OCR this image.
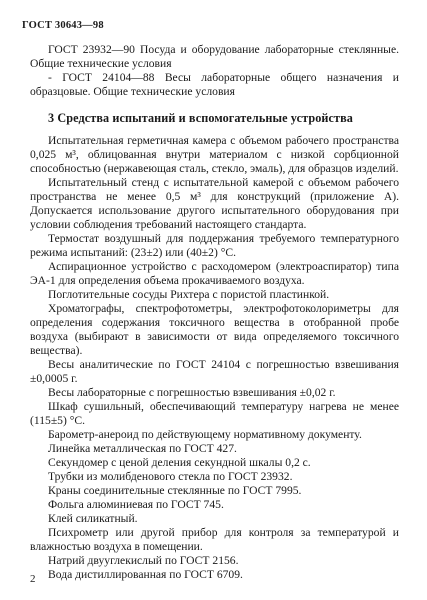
ГОСТ 30643—98

ГОСТ 23932—90 Посуда и оборудование лабораторные стеклянные. Общие технические условия

- ГОСТ 24104—88 Весы лабораторные общего назначения и образцовые. Общие технические условия

3 Средства испытаний и вспомогательные устройства

Испытательная герметичная камера с объемом рабочего пространства 0,025 м³, облицованная внутри материалом с низкой сорбционной способностью (нержавеющая сталь, стекло, эмаль), для образцов изделий.

Испытательный стенд с испытательной камерой с объемом рабочего пространства не менее 0,5 м³ для конструкций (приложение А). Допускается использование другого испытательного оборудования при условии соблюдения требований настоящего стандарта.

Термостат воздушный для поддержания требуемого температурного режима испытаний: (23±2) или (40±2) °С.

Аспирационное устройство с расходомером (электроаспиратор) типа ЭА-1 для определения объема прокачиваемого воздуха.

Поглотительные сосуды Рихтера с пористой пластинкой.

Хроматографы, спектрофотометры, электрофотоколориметры для определения содержания токсичного вещества в отобранной пробе воздуха (выбирают в зависимости от вида определяемого токсичного вещества).

Весы аналитические по ГОСТ 24104 с погрешностью взвешивания ±0,0005 г.

Весы лабораторные с погрешностью взвешивания ±0,02 г.

Шкаф сушильный, обеспечивающий температуру нагрева не менее (115±5) °С.

Барометр-анероид по действующему нормативному документу.

Линейка металлическая по ГОСТ 427.

Секундомер с ценой деления секундной шкалы 0,2 с.

Трубки из молибденового стекла по ГОСТ 23932.

Краны соединительные стеклянные по ГОСТ 7995.

Фольга алюминиевая по ГОСТ 745.

Клей силикатный.

Психрометр или другой прибор для контроля за температурой и влажностью воздуха в помещении.

Натрий двууглекислый по ГОСТ 2156.

Вода дистиллированная по ГОСТ 6709.

2
